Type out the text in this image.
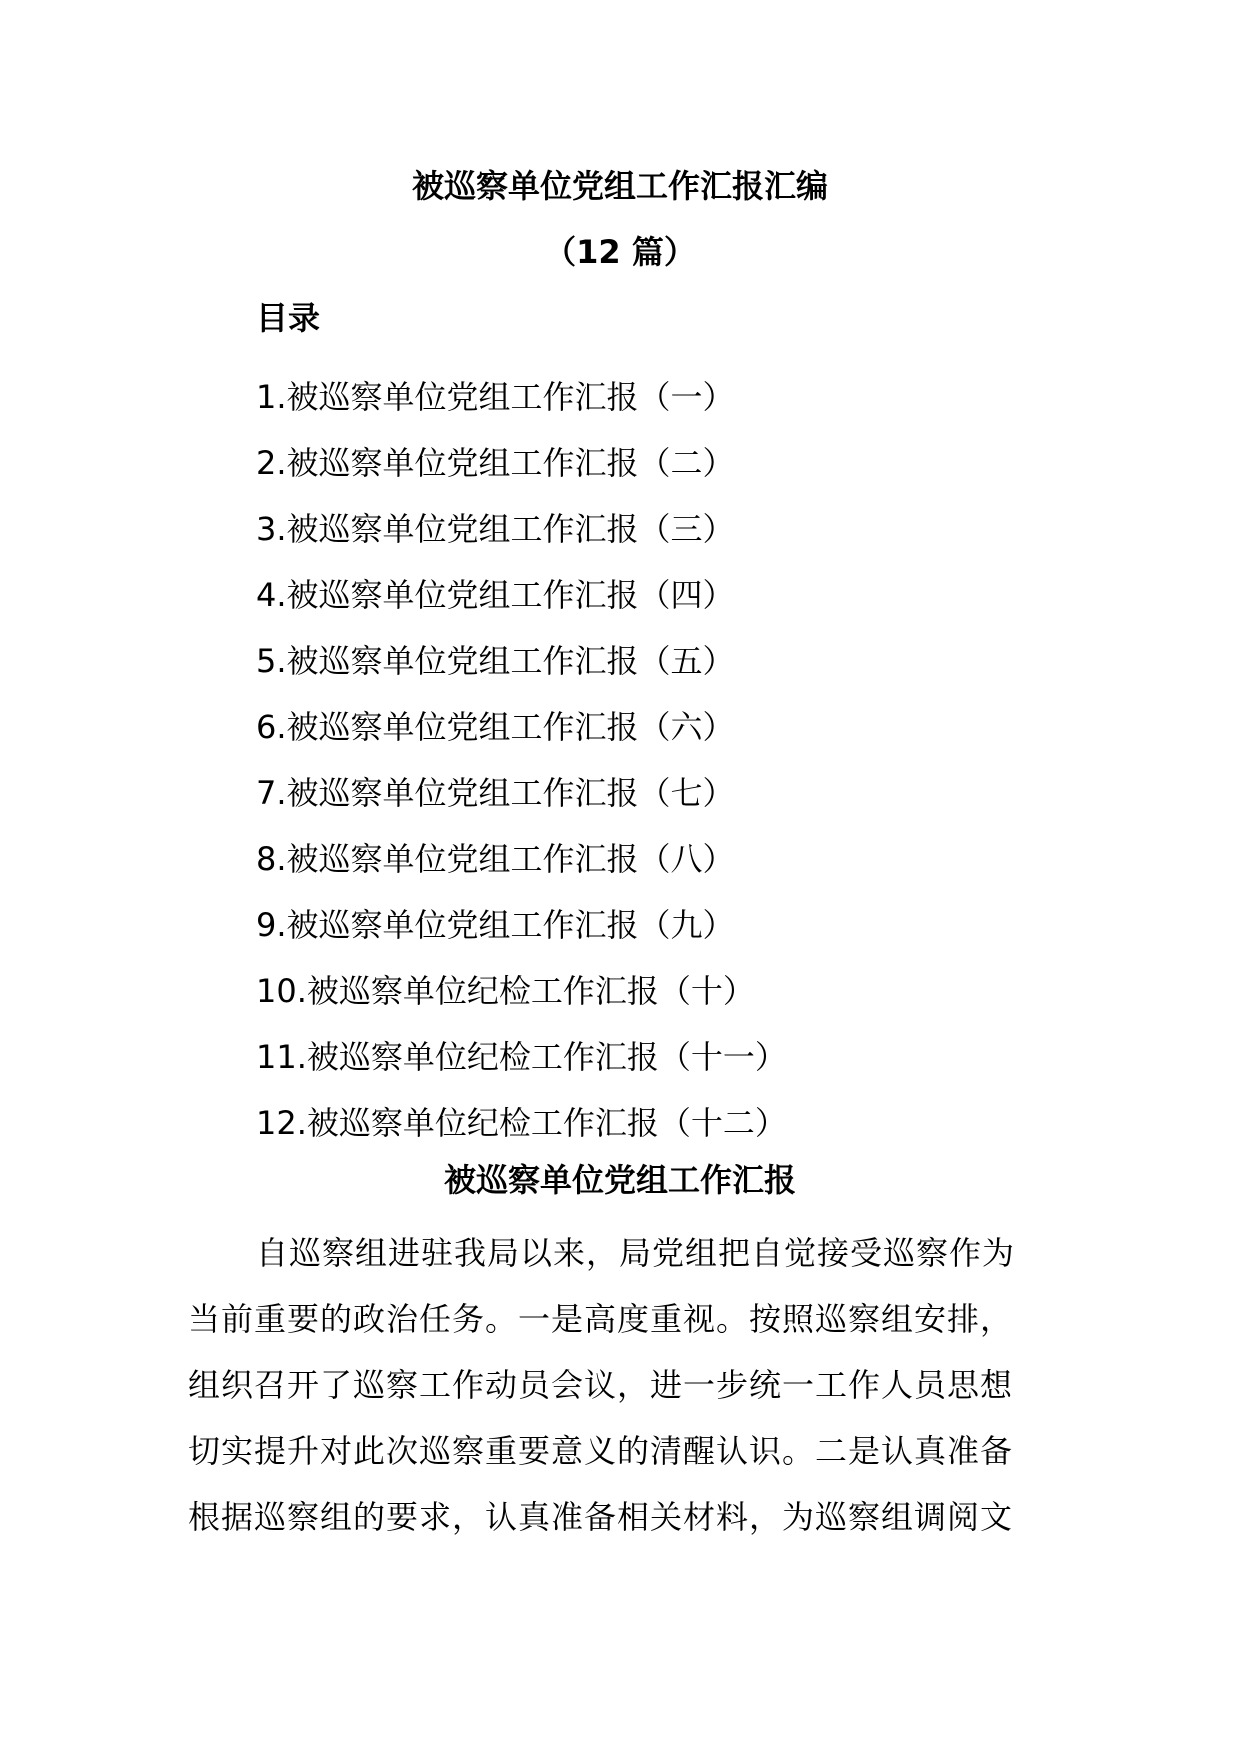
被巡察单位党组工作汇报汇编
（12 篇）
目录
1.被巡察单位党组工作汇报（一）
2.被巡察单位党组工作汇报（二）
3.被巡察单位党组工作汇报（三）
4.被巡察单位党组工作汇报（四）
5.被巡察单位党组工作汇报（五）
6.被巡察单位党组工作汇报（六）
7.被巡察单位党组工作汇报（七）
8.被巡察单位党组工作汇报（八）
9.被巡察单位党组工作汇报（九）
10.被巡察单位纪检工作汇报（十）
11.被巡察单位纪检工作汇报（十一）
12.被巡察单位纪检工作汇报（十二）
被巡察单位党组工作汇报

自巡察组进驻我局以来，局党组把自觉接受巡察作为
当前重要的政治任务。一是高度重视。按照巡察组安排，
组织召开了巡察工作动员会议，进一步统一工作人员思想
切实提升对此次巡察重要意义的清醒认识。二是认真准备
根据巡察组的要求，认真准备相关材料，为巡察组调阅文
